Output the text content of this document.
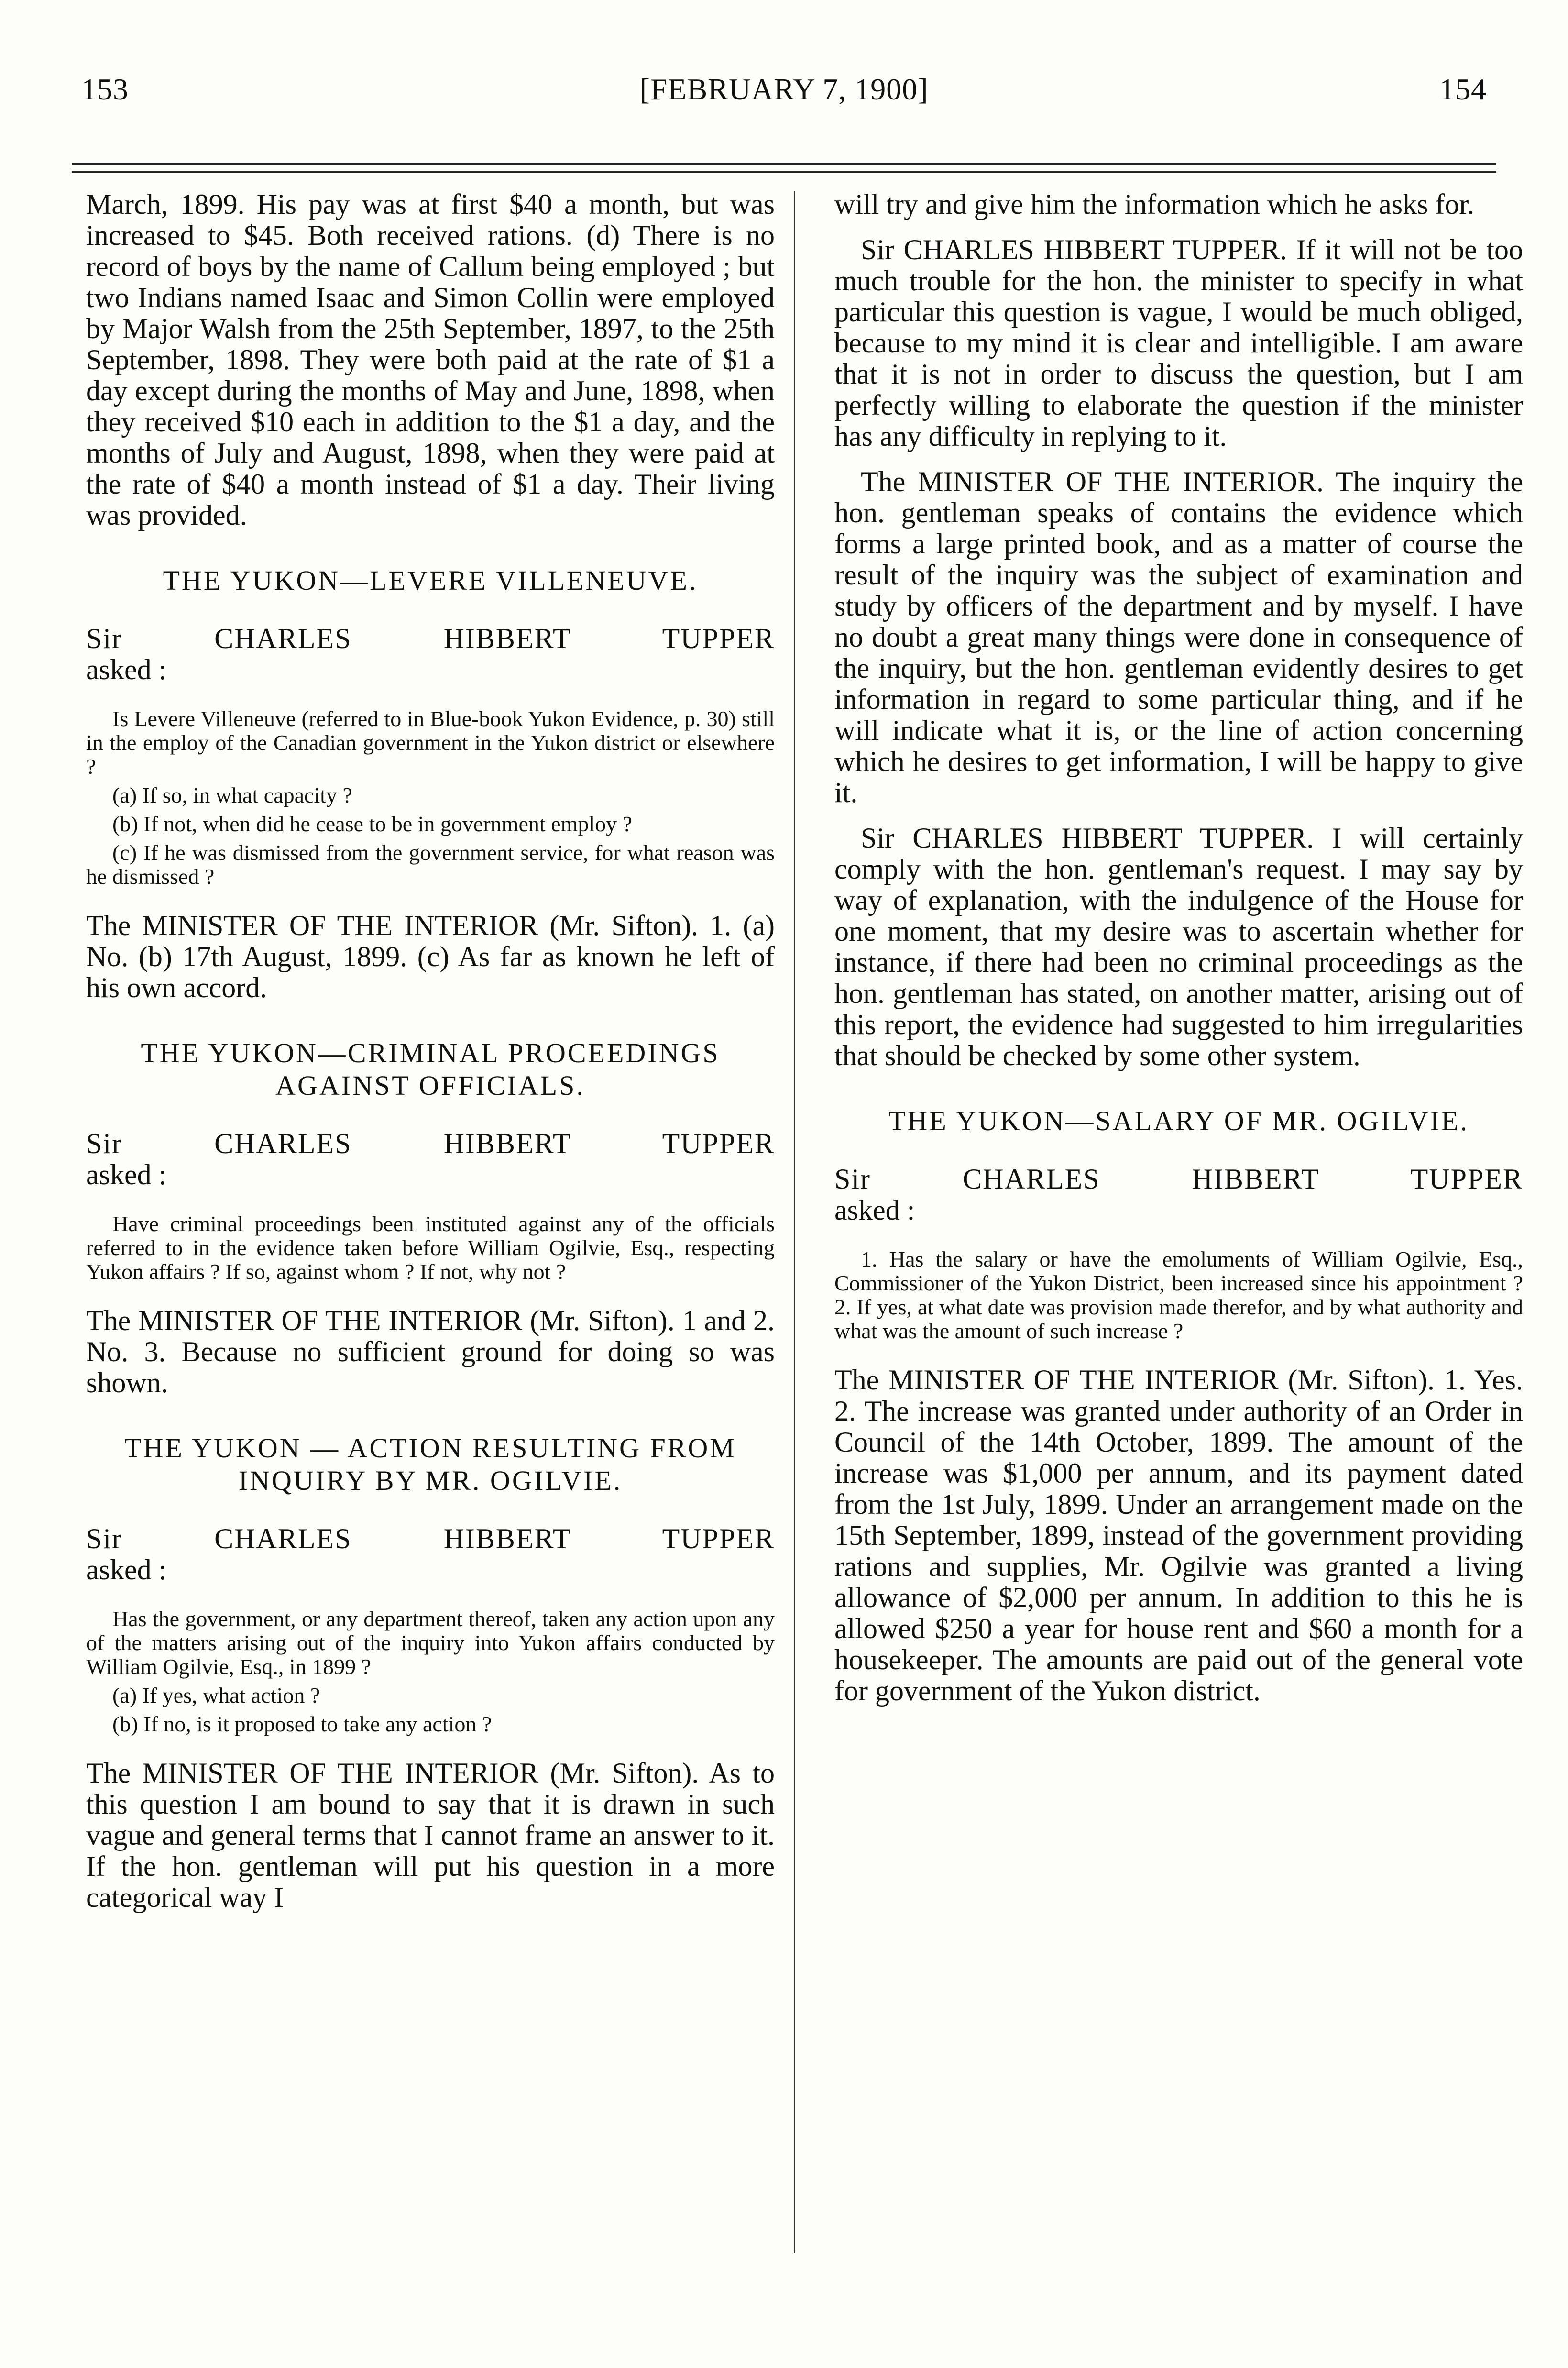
153	[FEBRUARY 7, 1900]	154

March, 1899. His pay was at first $40 a month, but was increased to $45. Both received rations. (d) There is no record of boys by the name of Callum being employed ; but two Indians named Isaac and Simon Collin were employed by Major Walsh from the 25th September, 1897, to the 25th September, 1898. They were both paid at the rate of $1 a day except during the months of May and June, 1898, when they received $10 each in addition to the $1 a day, and the months of July and August, 1898, when they were paid at the rate of $40 a month instead of $1 a day. Their living was provided.

THE YUKON—LEVERE VILLENEUVE.

Sir CHARLES HIBBERT TUPPER
asked :

Is Levere Villeneuve (referred to in Blue-book Yukon Evidence, p. 30) still in the employ of the Canadian government in the Yukon district or elsewhere ?

(a) If so, in what capacity ?

(b) If not, when did he cease to be in government employ ?

(c) If he was dismissed from the government service, for what reason was he dismissed ?

The MINISTER OF THE INTERIOR (Mr. Sifton). 1. (a) No. (b) 17th August, 1899. (c) As far as known he left of his own accord.

THE YUKON—CRIMINAL PROCEEDINGS AGAINST OFFICIALS.

Sir CHARLES HIBBERT TUPPER
asked :

Have criminal proceedings been instituted against any of the officials referred to in the evidence taken before William Ogilvie, Esq., respecting Yukon affairs ? If so, against whom ? If not, why not ?

The MINISTER OF THE INTERIOR (Mr. Sifton). 1 and 2. No. 3. Because no sufficient ground for doing so was shown.

THE YUKON — ACTION RESULTING FROM INQUIRY BY MR. OGILVIE.

Sir CHARLES HIBBERT TUPPER
asked :

Has the government, or any department thereof, taken any action upon any of the matters arising out of the inquiry into Yukon affairs conducted by William Ogilvie, Esq., in 1899 ?

(a) If yes, what action ?

(b) If no, is it proposed to take any action ?

The MINISTER OF THE INTERIOR (Mr. Sifton). As to this question I am bound to say that it is drawn in such vague and general terms that I cannot frame an answer to it. If the hon. gentleman will put his question in a more categorical way I

will try and give him the information which he asks for.

Sir CHARLES HIBBERT TUPPER. If it will not be too much trouble for the hon. the minister to specify in what particular this question is vague, I would be much obliged, because to my mind it is clear and intelligible. I am aware that it is not in order to discuss the question, but I am perfectly willing to elaborate the question if the minister has any difficulty in replying to it.

The MINISTER OF THE INTERIOR. The inquiry the hon. gentleman speaks of contains the evidence which forms a large printed book, and as a matter of course the result of the inquiry was the subject of examination and study by officers of the department and by myself. I have no doubt a great many things were done in consequence of the inquiry, but the hon. gentleman evidently desires to get information in regard to some particular thing, and if he will indicate what it is, or the line of action concerning which he desires to get information, I will be happy to give it.

Sir CHARLES HIBBERT TUPPER. I will certainly comply with the hon. gentleman's request. I may say by way of explanation, with the indulgence of the House for one moment, that my desire was to ascertain whether for instance, if there had been no criminal proceedings as the hon. gentleman has stated, on another matter, arising out of this report, the evidence had suggested to him irregularities that should be checked by some other system.

THE YUKON—SALARY OF MR. OGILVIE.

Sir CHARLES HIBBERT TUPPER
asked :

1. Has the salary or have the emoluments of William Ogilvie, Esq., Commissioner of the Yukon District, been increased since his appointment ? 2. If yes, at what date was provision made therefor, and by what authority and what was the amount of such increase ?

The MINISTER OF THE INTERIOR (Mr. Sifton). 1. Yes. 2. The increase was granted under authority of an Order in Council of the 14th October, 1899. The amount of the increase was $1,000 per annum, and its payment dated from the 1st July, 1899. Under an arrangement made on the 15th September, 1899, instead of the government providing rations and supplies, Mr. Ogilvie was granted a living allowance of $2,000 per annum. In addition to this he is allowed $250 a year for house rent and $60 a month for a housekeeper. The amounts are paid out of the general vote for government of the Yukon district.
